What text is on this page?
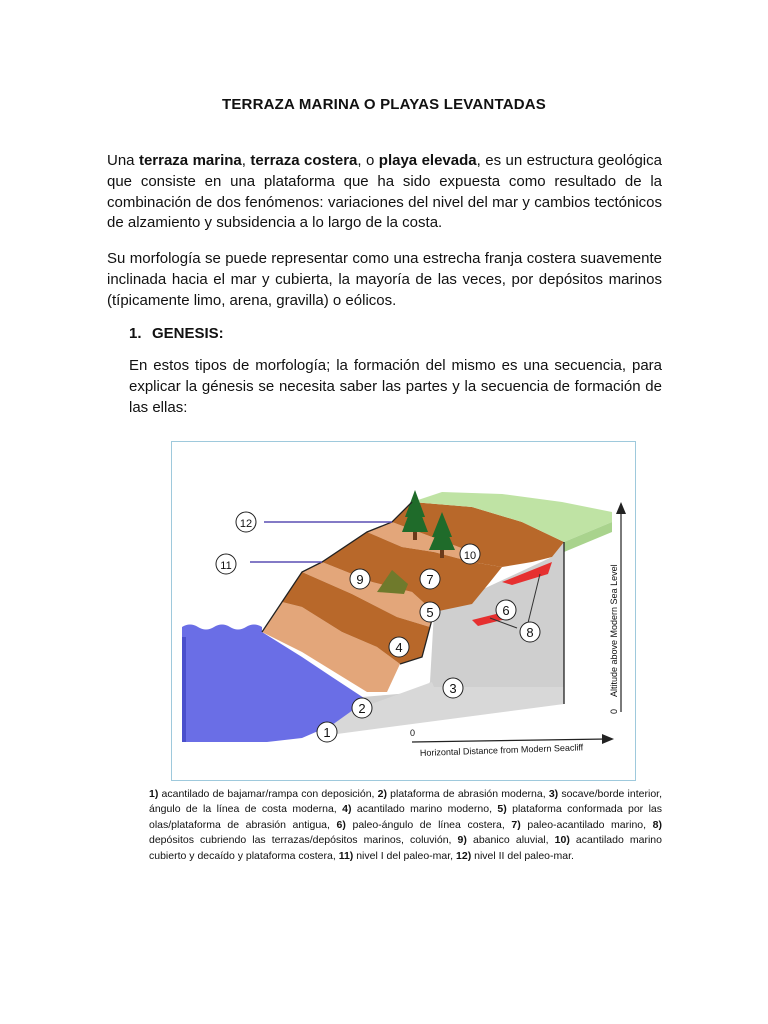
TERRAZA MARINA O PLAYAS LEVANTADAS

Una terraza marina, terraza costera, o playa elevada, es un estructura geológica que consiste en una plataforma que ha sido expuesta como resultado de la combinación de dos fenómenos: variaciones del nivel del mar y cambios tectónicos de alzamiento y subsidencia a lo largo de la costa.

Su morfología se puede representar como una estrecha franja costera suavemente inclinada hacia el mar y cubierta, la mayoría de las veces, por depósitos marinos (típicamente limo, arena, gravilla) o eólicos.

1. GENESIS:

En estos tipos de morfología; la formación del mismo es una secuencia, para explicar la génesis se necesita saber las partes y la secuencia de formación de las ellas:

Altitude above Modern Sea Level
0
Horizontal Distance from Modern Seacliff
0
1
2
3
4
5	6
7
8
9
10
11
12

1) acantilado de bajamar/rampa con deposición, 2) plataforma de abrasión moderna, 3) socave/borde interior, ángulo de la línea de costa moderna, 4) acantilado marino moderno, 5) plataforma conformada por las olas/plataforma de abrasión antigua, 6) paleo-ángulo de línea costera, 7) paleo-acantilado marino, 8) depósitos cubriendo las terrazas/depósitos marinos, coluvión, 9) abanico aluvial, 10) acantilado marino cubierto y decaído y plataforma costera, 11) nivel I del paleo-mar, 12) nivel II del paleo-mar.
